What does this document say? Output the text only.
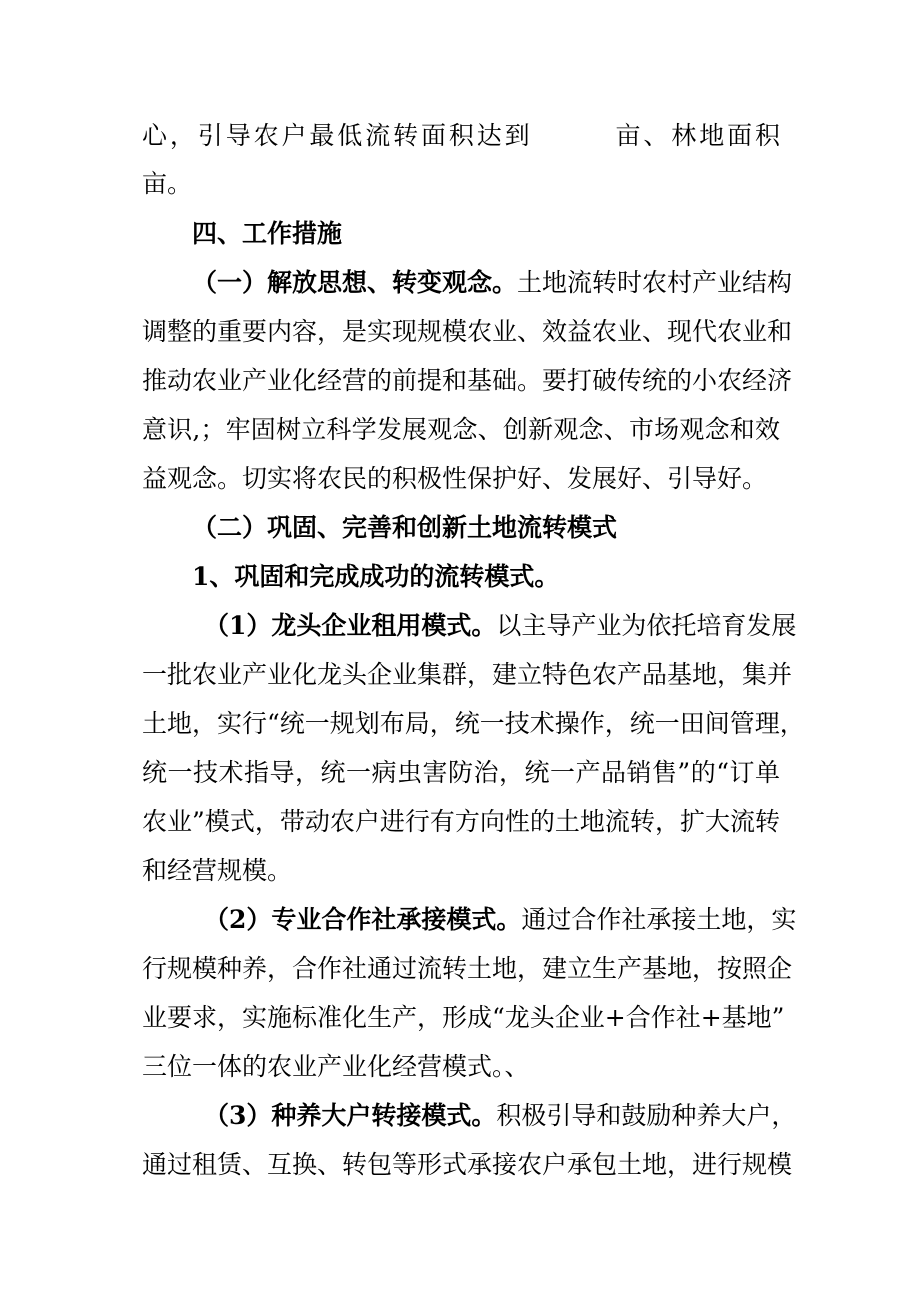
心，引导农户最低流转面积达到	亩、林地面积
亩。
四、工作措施
（一）解放思想、转变观念。土地流转时农村产业结构
调整的重要内容，是实现规模农业、效益农业、现代农业和
推动农业产业化经营的前提和基础。要打破传统的小农经济
意识,；牢固树立科学发展观念、创新观念、市场观念和效
益观念。切实将农民的积极性保护好、发展好、引导好。
（二）巩固、完善和创新土地流转模式
1、巩固和完成成功的流转模式。
（1）龙头企业租用模式。以主导产业为依托培育发展
一批农业产业化龙头企业集群，建立特色农产品基地，集并
土地，实行“统一规划布局，统一技术操作，统一田间管理，
统一技术指导，统一病虫害防治，统一产品销售”的“订单
农业”模式，带动农户进行有方向性的土地流转，扩大流转
和经营规模。
（2）专业合作社承接模式。通过合作社承接土地，实
行规模种养，合作社通过流转土地，建立生产基地，按照企
业要求，实施标准化生产，形成“龙头企业+合作社+基地”
三位一体的农业产业化经营模式。、
（3）种养大户转接模式。积极引导和鼓励种养大户，
通过租赁、互换、转包等形式承接农户承包土地，进行规模
